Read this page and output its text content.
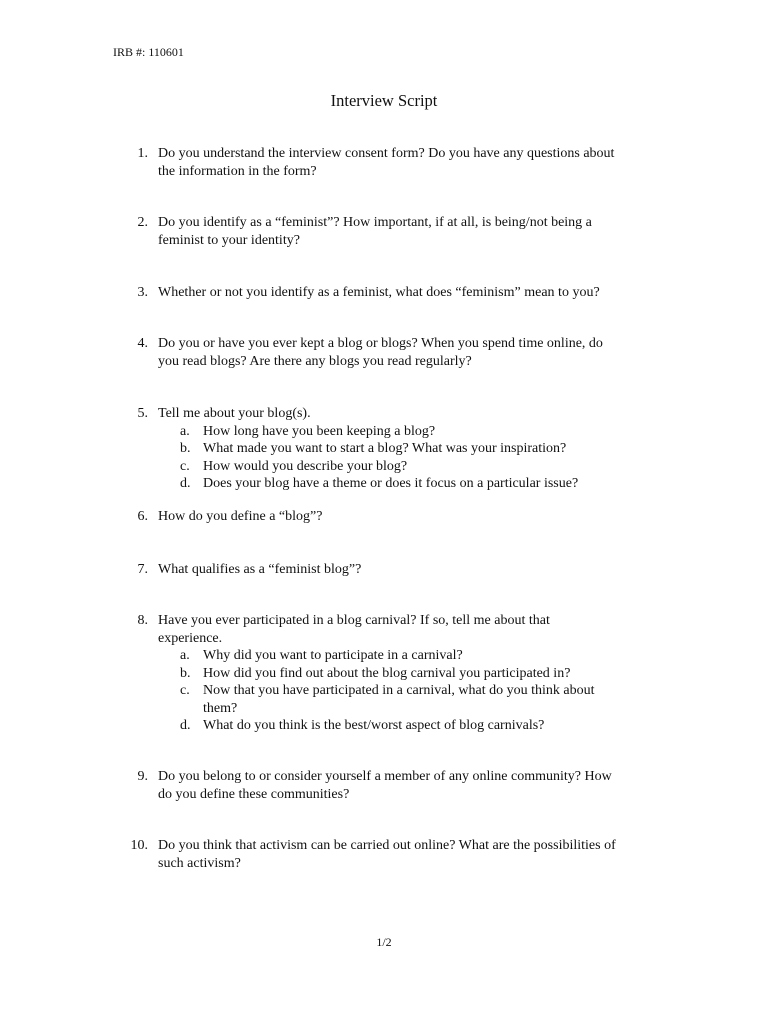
IRB #: 110601
Interview Script
1. Do you understand the interview consent form? Do you have any questions about
the information in the form?
2. Do you identify as a “feminist”? How important, if at all, is being/not being a
feminist to your identity?
3. Whether or not you identify as a feminist, what does “feminism” mean to you?
4. Do you or have you ever kept a blog or blogs? When you spend time online, do
you read blogs? Are there any blogs you read regularly?
5. Tell me about your blog(s).
a. How long have you been keeping a blog?
b. What made you want to start a blog? What was your inspiration?
c. How would you describe your blog?
d. Does your blog have a theme or does it focus on a particular issue?
6. How do you define a “blog”?
7. What qualifies as a “feminist blog”?
8. Have you ever participated in a blog carnival? If so, tell me about that
experience.
a. Why did you want to participate in a carnival?
b. How did you find out about the blog carnival you participated in?
c. Now that you have participated in a carnival, what do you think about
them?
d. What do you think is the best/worst aspect of blog carnivals?
9. Do you belong to or consider yourself a member of any online community? How
do you define these communities?
10. Do you think that activism can be carried out online? What are the possibilities of
such activism?
1/2
